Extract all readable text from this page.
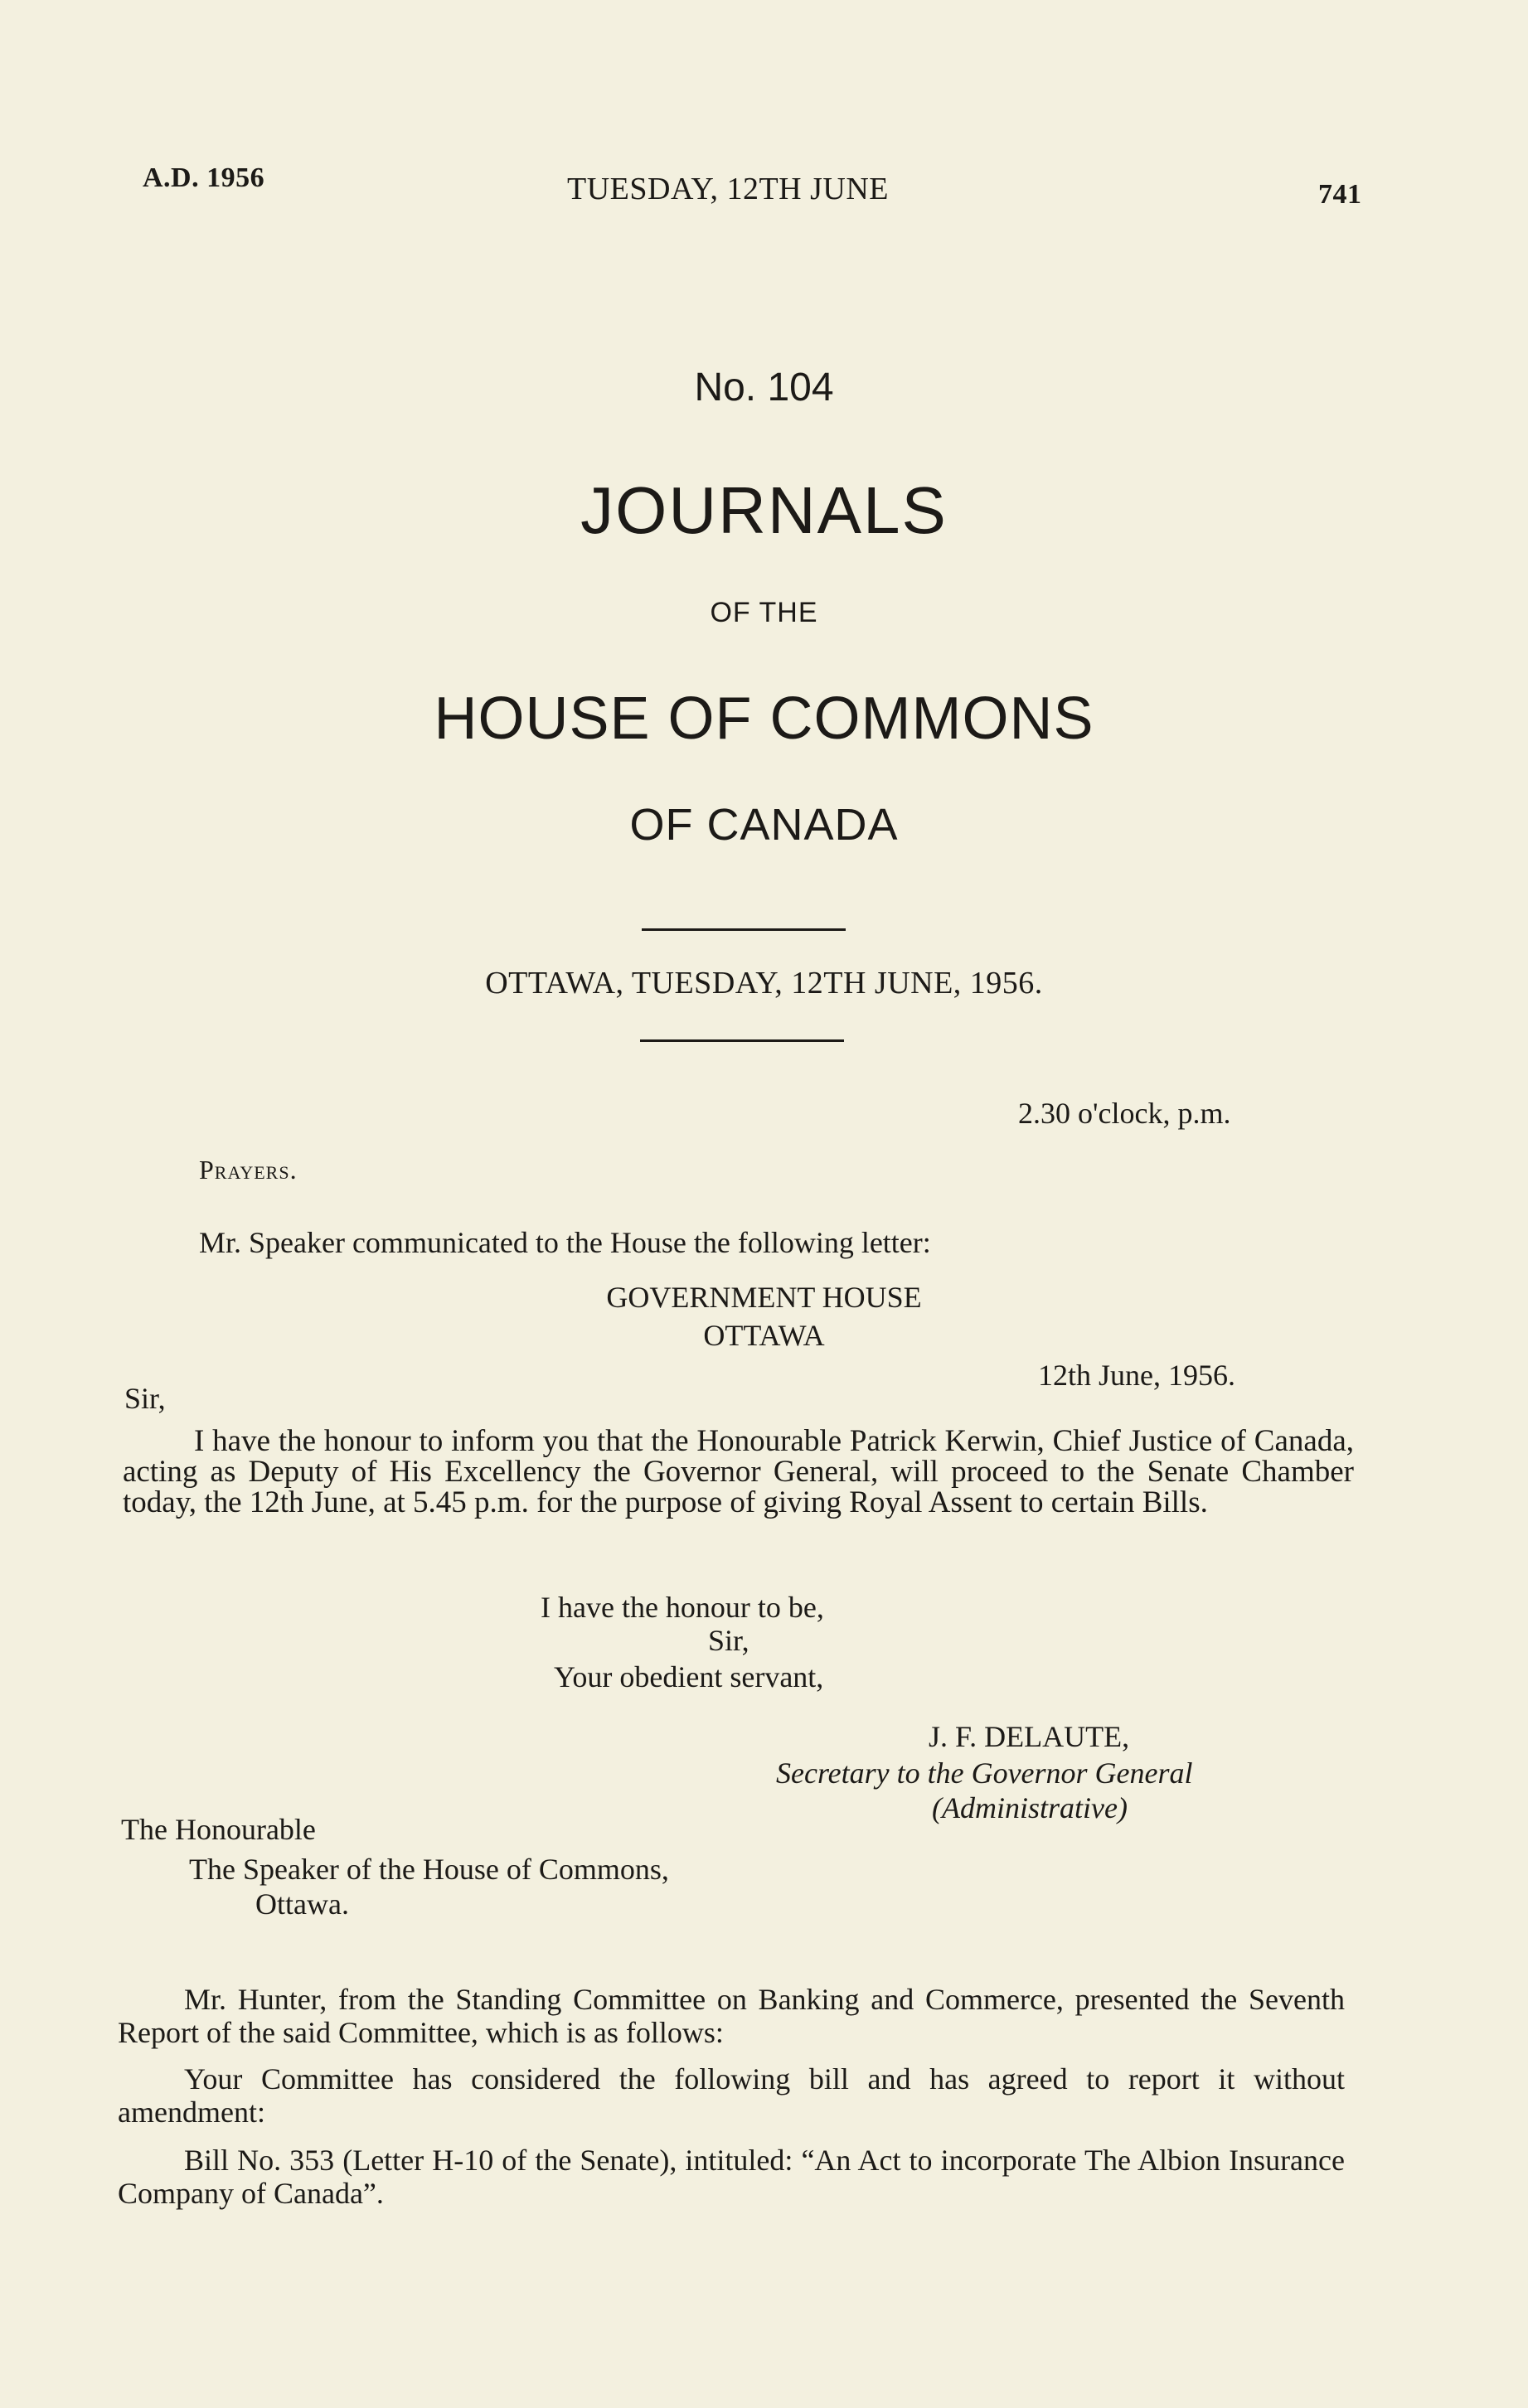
A.D. 1956	TUESDAY, 12TH JUNE	741
No. 104
JOURNALS
OF THE
HOUSE OF COMMONS
OF CANADA
OTTAWA, TUESDAY, 12TH JUNE, 1956.
2.30 o'clock, p.m.
Prayers.
Mr. Speaker communicated to the House the following letter:
GOVERNMENT HOUSE
OTTAWA
12th June, 1956.
Sir,
I have the honour to inform you that the Honourable Patrick Kerwin, Chief Justice of Canada, acting as Deputy of His Excellency the Governor General, will proceed to the Senate Chamber today, the 12th June, at 5.45 p.m. for the purpose of giving Royal Assent to certain Bills.
I have the honour to be,
Sir,
Your obedient servant,
J. F. DELAUTE,
Secretary to the Governor General
(Administrative)
The Honourable
The Speaker of the House of Commons,
Ottawa.
Mr. Hunter, from the Standing Committee on Banking and Commerce, presented the Seventh Report of the said Committee, which is as follows:
Your Committee has considered the following bill and has agreed to report it without amendment:
Bill No. 353 (Letter H-10 of the Senate), intituled: “An Act to incorporate The Albion Insurance Company of Canada”.
